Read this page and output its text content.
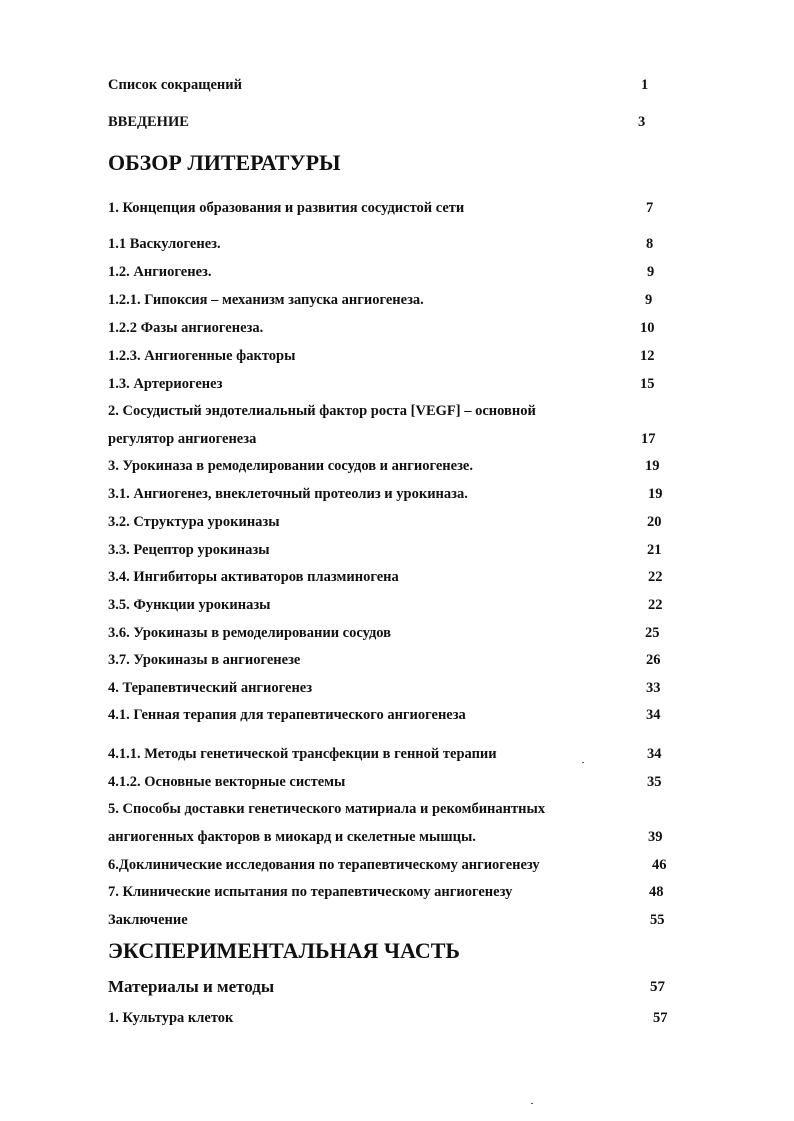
Список сокращений	1
ВВЕДЕНИЕ	3
ОБЗОР ЛИТЕРАТУРЫ
1. Концепция образования и развития сосудистой сети	7
1.1 Васкулогенез.	8
1.2. Ангиогенез.	9
1.2.1. Гипоксия – механизм запуска ангиогенеза.	9
1.2.2 Фазы ангиогенеза.	10
1.2.3. Ангиогенные факторы	12
1.3. Артериогенез	15
2. Сосудистый эндотелиальный фактор роста [VEGF] – основной
регулятор ангиогенеза	17
3. Урокиназа в ремоделировании сосудов и ангиогенезе.	19
3.1. Ангиогенез, внеклеточный протеолиз и урокиназа.	19
3.2. Структура урокиназы	20
3.3. Рецептор урокиназы	21
3.4. Ингибиторы активаторов плазминогена	22
3.5. Функции урокиназы	22
3.6. Урокиназы в ремоделировании сосудов	25
3.7. Урокиназы в ангиогенезе	26
4. Терапевтический ангиогенез	33
4.1. Генная терапия для терапевтического ангиогенеза	34
4.1.1. Методы генетической трансфекции в генной терапии	34
4.1.2. Основные векторные системы	35
5. Способы доставки генетического матириала и рекомбинантных
ангиогенных факторов в миокард и скелетные мышцы.	39
6.Доклинические исследования по терапевтическому ангиогенезу	46
7. Клинические испытания по терапевтическому ангиогенезу	48
Заключение	55
ЭКСПЕРИМЕНТАЛЬНАЯ ЧАСТЬ
Материалы и методы	57
1. Культура клеток	57
